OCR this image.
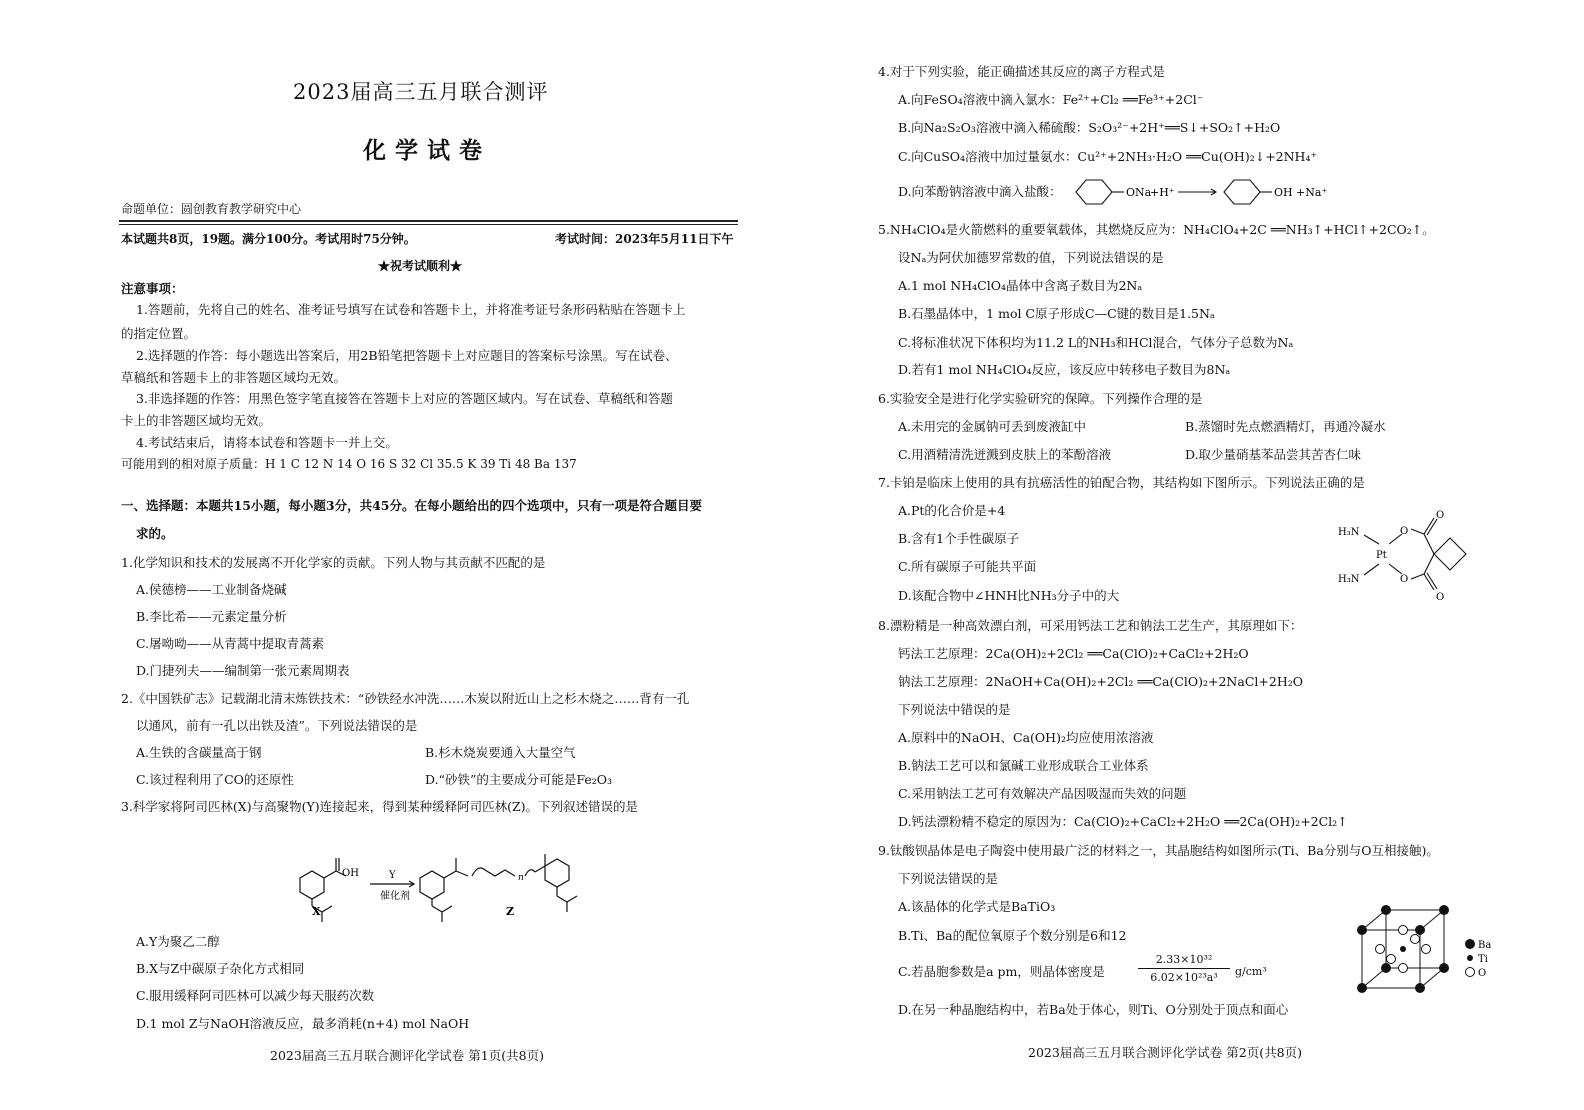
2023届高三五月联合测评
化学试卷
命题单位：圆创教育教学研究中心
本试题共8页，19题。满分100分。考试用时75分钟。	考试时间：2023年5月11日下午
★祝考试顺利★
注意事项：
1.答题前，先将自己的姓名、准考证号填写在试卷和答题卡上，并将准考证号条形码粘贴在答题卡上
的指定位置。
2.选择题的作答：每小题选出答案后，用2B铅笔把答题卡上对应题目的答案标号涂黑。写在试卷、
草稿纸和答题卡上的非答题区域均无效。
3.非选择题的作答：用黑色签字笔直接答在答题卡上对应的答题区域内。写在试卷、草稿纸和答题
卡上的非答题区域均无效。
4.考试结束后，请将本试卷和答题卡一并上交。
可能用到的相对原子质量：H 1 C 12 N 14 O 16 S 32 Cl 35.5 K 39 Ti 48 Ba 137
一、选择题：本题共15小题，每小题3分，共45分。在每小题给出的四个选项中，只有一项是符合题目要
求的。
1.化学知识和技术的发展离不开化学家的贡献。下列人物与其贡献不匹配的是
A.侯德榜——工业制备烧碱
B.李比希——元素定量分析
C.屠呦呦——从青蒿中提取青蒿素
D.门捷列夫——编制第一张元素周期表
2.《中国铁矿志》记载湖北清末炼铁技术：“砂铁经水冲洗……木炭以附近山上之杉木烧之……背有一孔
以通风，前有一孔以出铁及渣”。下列说法错误的是
A.生铁的含碳量高于钢	B.杉木烧炭要通入大量空气
C.该过程利用了CO的还原性	D.“砂铁”的主要成分可能是Fe₂O₃
3.科学家将阿司匹林(X)与高聚物(Y)连接起来，得到某种缓释阿司匹林(Z)。下列叙述错误的是
OH	n
Y
催化剂
X	Z
A.Y为聚乙二醇
B.X与Z中碳原子杂化方式相同
C.服用缓释阿司匹林可以减少每天服药次数
D.1 mol Z与NaOH溶液反应，最多消耗(n+4) mol NaOH
2023届高三五月联合测评化学试卷 第1页(共8页)
4.对于下列实验，能正确描述其反应的离子方程式是
A.向FeSO₄溶液中滴入氯水：Fe²⁺+Cl₂ ══Fe³⁺+2Cl⁻
B.向Na₂S₂O₃溶液中滴入稀硫酸：S₂O₃²⁻+2H⁺══S↓+SO₂↑+H₂O
C.向CuSO₄溶液中加过量氨水：Cu²⁺+2NH₃·H₂O ══Cu(OH)₂↓+2NH₄⁺
D.向苯酚钠溶液中滴入盐酸：	ONa
+H⁺	OH +Na⁺
5.NH₄ClO₄是火箭燃料的重要氧载体，其燃烧反应为：NH₄ClO₄+2C ══NH₃↑+HCl↑+2CO₂↑。
设Nₐ为阿伏加德罗常数的值，下列说法错误的是
A.1 mol NH₄ClO₄晶体中含离子数目为2Nₐ
B.石墨晶体中，1 mol C原子形成C—C键的数目是1.5Nₐ
C.将标准状况下体积均为11.2 L的NH₃和HCl混合，气体分子总数为Nₐ
D.若有1 mol NH₄ClO₄反应，该反应中转移电子数目为8Nₐ
6.实验安全是进行化学实验研究的保障。下列操作合理的是
A.未用完的金属钠可丢到废液缸中	B.蒸馏时先点燃酒精灯，再通冷凝水
C.用酒精清洗迸溅到皮肤上的苯酚溶液	D.取少量硝基苯品尝其苦杏仁味
7.卡铂是临床上使用的具有抗癌活性的铂配合物，其结构如下图所示。下列说法正确的是
A.Pt的化合价是+4
B.含有1个手性碳原子
C.所有碳原子可能共平面
D.该配合物中∠HNH比NH₃分子中的大
H₃N
H₃N
Pt
O
O
O
O
8.漂粉精是一种高效漂白剂，可采用钙法工艺和钠法工艺生产，其原理如下：
钙法工艺原理：2Ca(OH)₂+2Cl₂ ══Ca(ClO)₂+CaCl₂+2H₂O
钠法工艺原理：2NaOH+Ca(OH)₂+2Cl₂ ══Ca(ClO)₂+2NaCl+2H₂O
下列说法中错误的是
A.原料中的NaOH、Ca(OH)₂均应使用浓溶液
B.钠法工艺可以和氯碱工业形成联合工业体系
C.采用钠法工艺可有效解决产品因吸湿而失效的问题
D.钙法漂粉精不稳定的原因为：Ca(ClO)₂+CaCl₂+2H₂O ══2Ca(OH)₂+2Cl₂↑
9.钛酸钡晶体是电子陶瓷中使用最广泛的材料之一，其晶胞结构如图所示(Ti、Ba分别与O互相接触)。
下列说法错误的是
A.该晶体的化学式是BaTiO₃
B.Ti、Ba的配位氧原子个数分别是6和12
C.若晶胞参数是a pm，则晶体密度是	$\frac{\text{2.33×10³²}}{\text{6.02×10²³a³}} g/cm^3$
D.在另一种晶胞结构中，若Ba处于体心，则Ti、O分别处于顶点和面心
Ba
Ti
O
2023届高三五月联合测评化学试卷 第2页(共8页)
